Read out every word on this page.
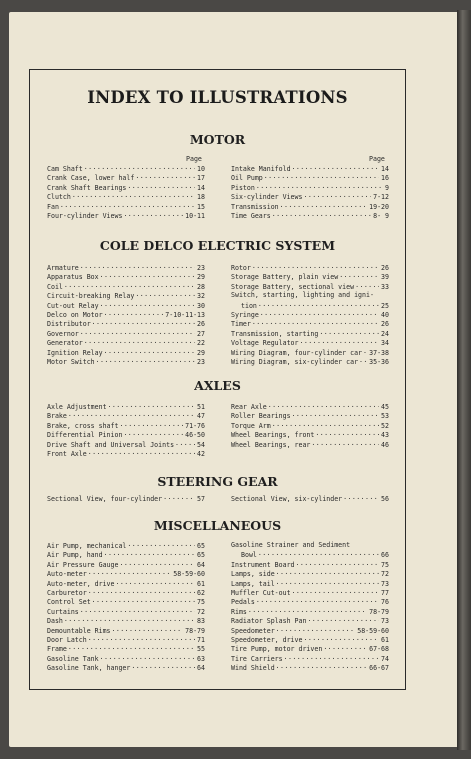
INDEX TO ILLUSTRATIONS
MOTOR
COLE DELCO ELECTRIC SYSTEM
AXLES
STEERING GEAR
MISCELLANEOUS
Page	Page
Cam Shaft .....	10
Crank Case, lower half .....	17
Crank Shaft Bearings .....	14
Clutch .....	18
Fan .....	15
Four-cylinder Views .....	10-11
Intake Manifold .....	14
Oil Pump .....	16
Piston .....	9
Six-cylinder Views .....	7-12
Transmission .....	19-20
Time Gears .....	8- 9
Armature .....	23
Apparatus Box .....	29
Coil .....	28
Circuit-breaking Relay .....	32
Cut-out Relay .....	30
Delco on Motor .....	7-10-11-13
Distributor .....	26
Governor .....	27
Generator .....	22
Ignition Relay .....	29
Motor Switch .....	23
Rotor .....	26
Storage Battery, plain view .....	39
Storage Battery, sectional view .....	33
Switch, starting, lighting and igni-
tion .....	25
Syringe .....	40
Timer .....	26
Transmission, starting .....	24
Voltage Regulator .....	34
Wiring Diagram, four-cylinder car .....	37-38
Wiring Diagram, six-cylinder car .....	35-36
Axle Adjustment .....	51
Brake .....	47
Brake, cross shaft .....	71-76
Differential Pinion .....	46-50
Drive Shaft and Universal Joints .....	54
Front Axle .....	42
Rear Axle .....	45
Roller Bearings .....	53
Torque Arm .....	52
Wheel Bearings, front .....	43
Wheel Bearings, rear .....	46
Sectional View, four-cylinder .....	57	Sectional View, six-cylinder .....	56
Air Pump, mechanical .....	65
Air Pump, hand .....	65
Air Pressure Gauge .....	64
Auto-meter .....	58-59-60
Auto-meter, drive .....	61
Carburetor .....	62
Control Set .....	75
Curtains .....	72
Dash .....	83
Demountable Rims .....	78-79
Door Latch .....	71
Frame .....	55
Gasoline Tank .....	63
Gasoline Tank, hanger .....	64
Gasoline Strainer and Sediment
Bowl .....	66
Instrument Board .....	75
Lamps, side .....	72
Lamps, tail .....	73
Muffler Cut-out .....	77
Pedals .....	76
Rims .....	78-79
Radiator Splash Pan .....	73
Speedometer .....	58-59-60
Speedometer, drive .....	61
Tire Pump, motor driven .....	67-68
Tire Carriers .....	74
Wind Shield .....	66-67
